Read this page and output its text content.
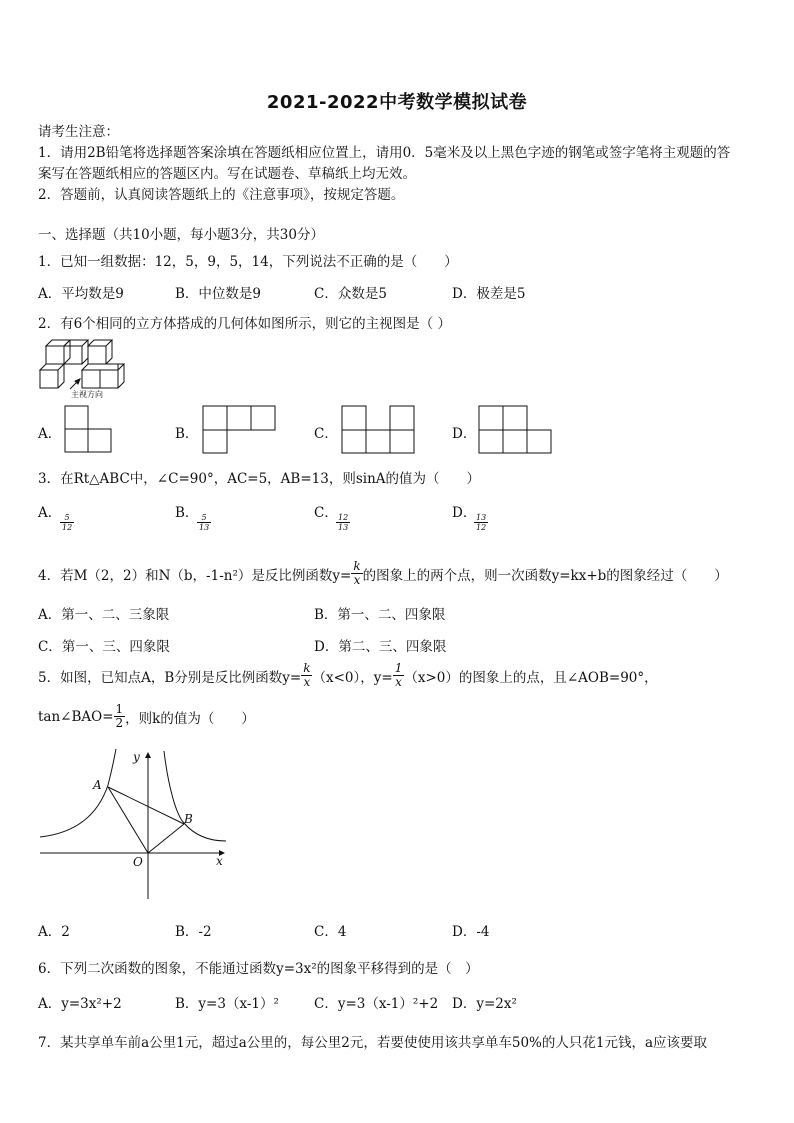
2021-2022中考数学模拟试卷
请考生注意：
1．请用2B铅笔将选择题答案涂填在答题纸相应位置上，请用0．5毫米及以上黑色字迹的钢笔或签字笔将主观题的答
案写在答题纸相应的答题区内。写在试题卷、草稿纸上均无效。
2．答题前，认真阅读答题纸上的《注意事项》，按规定答题。
一、选择题（共10小题，每小题3分，共30分）
1．已知一组数据：12，5，9，5，14，下列说法不正确的是（　　）
A．平均数是9	B．中位数是9	C．众数是5	D．极差是5
2．有6个相同的立方体搭成的几何体如图所示，则它的主视图是（ ）
主视方向
A．	B．	C．	D．
3．在Rt△ABC中，∠C=90°，AC=5，AB=13，则sinA的值为（　　）
A．
$\frac{5}{12}$	B．
$\frac{5}{13}$	C．
$\frac{12}{13}$	D．
$\frac{13}{12}$
4．若M（2，2）和N（b，-1-n²）是反比例函数$y= \frac{k}{x}$ 的图象上的两个点，则一次函数y=kx+b的图象经过（　　）
A．第一、二、三象限	B．第一、二、四象限
C．第一、三、四象限	D．第二、三、四象限
5．如图，已知点A，B分别是反比例函数$y= \frac{k}{x} (x<0)$，$y= \frac{1}{x} (x>0)$的图象上的点，且∠AOB=90°，
tan∠BAO= $\frac{1}{2}$ ，则k的值为（　　）
y
x
O
A
B
A．2	B．-2	C．4	D．-4
6．下列二次函数的图象，不能通过函数y=3x²的图象平移得到的是（　）
A．y=3x²+2	B．y=3（x-1）²	C．y=3（x-1）²+2 D．y=2x²
7．某共享单车前a公里1元，超过a公里的，每公里2元，若要使使用该共享单车50%的人只花1元钱，a应该要取
